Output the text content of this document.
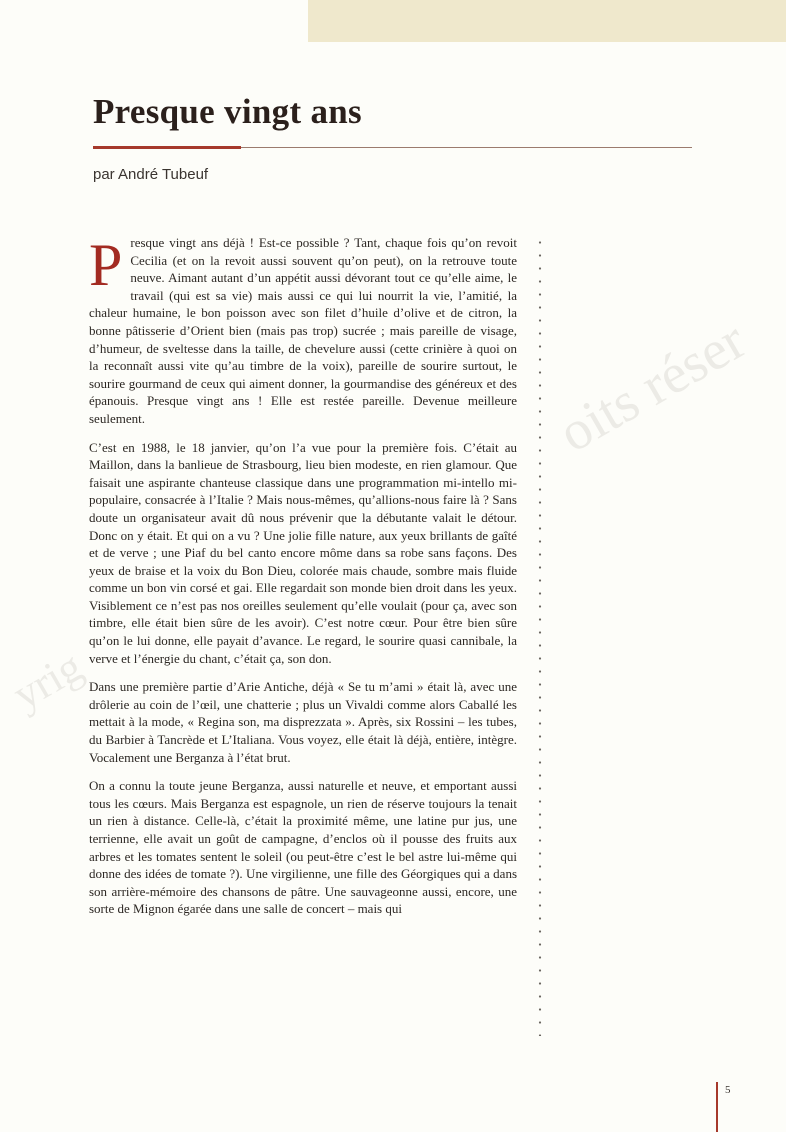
Presque vingt ans
par André Tubeuf

Presque vingt ans déjà ! Est-ce possible ? Tant, chaque fois qu’on revoit Cecilia (et on la revoit aussi souvent qu’on peut), on la retrouve toute neuve. Aimant autant d’un appétit aussi dévorant tout ce qu’elle aime, le travail (qui est sa vie) mais aussi ce qui lui nourrit la vie, l’amitié, la chaleur humaine, le bon poisson avec son filet d’huile d’olive et de citron, la bonne pâtisserie d’Orient bien (mais pas trop) sucrée ; mais pareille de visage, d’humeur, de sveltesse dans la taille, de chevelure aussi (cette crinière à quoi on la reconnaît aussi vite qu’au timbre de la voix), pareille de sourire surtout, le sourire gourmand de ceux qui aiment donner, la gourmandise des généreux et des épanouis. Presque vingt ans ! Elle est restée pareille. Devenue meilleure seulement.

C’est en 1988, le 18 janvier, qu’on l’a vue pour la première fois. C’était au Maillon, dans la banlieue de Strasbourg, lieu bien modeste, en rien glamour. Que faisait une aspirante chanteuse classique dans une programmation mi-intello mi-populaire, consacrée à l’Italie ? Mais nous-mêmes, qu’allions-nous faire là ? Sans doute un organisateur avait dû nous prévenir que la débutante valait le détour. Donc on y était. Et qui on a vu ? Une jolie fille nature, aux yeux brillants de gaîté et de verve ; une Piaf du bel canto encore môme dans sa robe sans façons. Des yeux de braise et la voix du Bon Dieu, colorée mais chaude, sombre mais fluide comme un bon vin corsé et gai. Elle regardait son monde bien droit dans les yeux. Visiblement ce n’est pas nos oreilles seulement qu’elle voulait (pour ça, avec son timbre, elle était bien sûre de les avoir). C’est notre cœur. Pour être bien sûre qu’on le lui donne, elle payait d’avance. Le regard, le sourire quasi cannibale, la verve et l’énergie du chant, c’était ça, son don.

Dans une première partie d’Arie Antiche, déjà « Se tu m’ami » était là, avec une drôlerie au coin de l’œil, une chatterie ; plus un Vivaldi comme alors Caballé les mettait à la mode, « Regina son, ma disprezzata ». Après, six Rossini – les tubes, du Barbier à Tancrède et L’Italiana. Vous voyez, elle était là déjà, entière, intègre. Vocalement une Berganza à l’état brut.

On a connu la toute jeune Berganza, aussi naturelle et neuve, et emportant aussi tous les cœurs. Mais Berganza est espagnole, un rien de réserve toujours la tenait un rien à distance. Celle-là, c’était la proximité même, une latine pur jus, une terrienne, elle avait un goût de campagne, d’enclos où il pousse des fruits aux arbres et les tomates sentent le soleil (ou peut-être c’est le bel astre lui-même qui donne des idées de tomate ?). Une virgilienne, une fille des Géorgiques qui a dans son arrière-mémoire des chansons de pâtre. Une sauvageonne aussi, encore, une sorte de Mignon égarée dans une salle de concert – mais qui

oits réser
yrig
5
